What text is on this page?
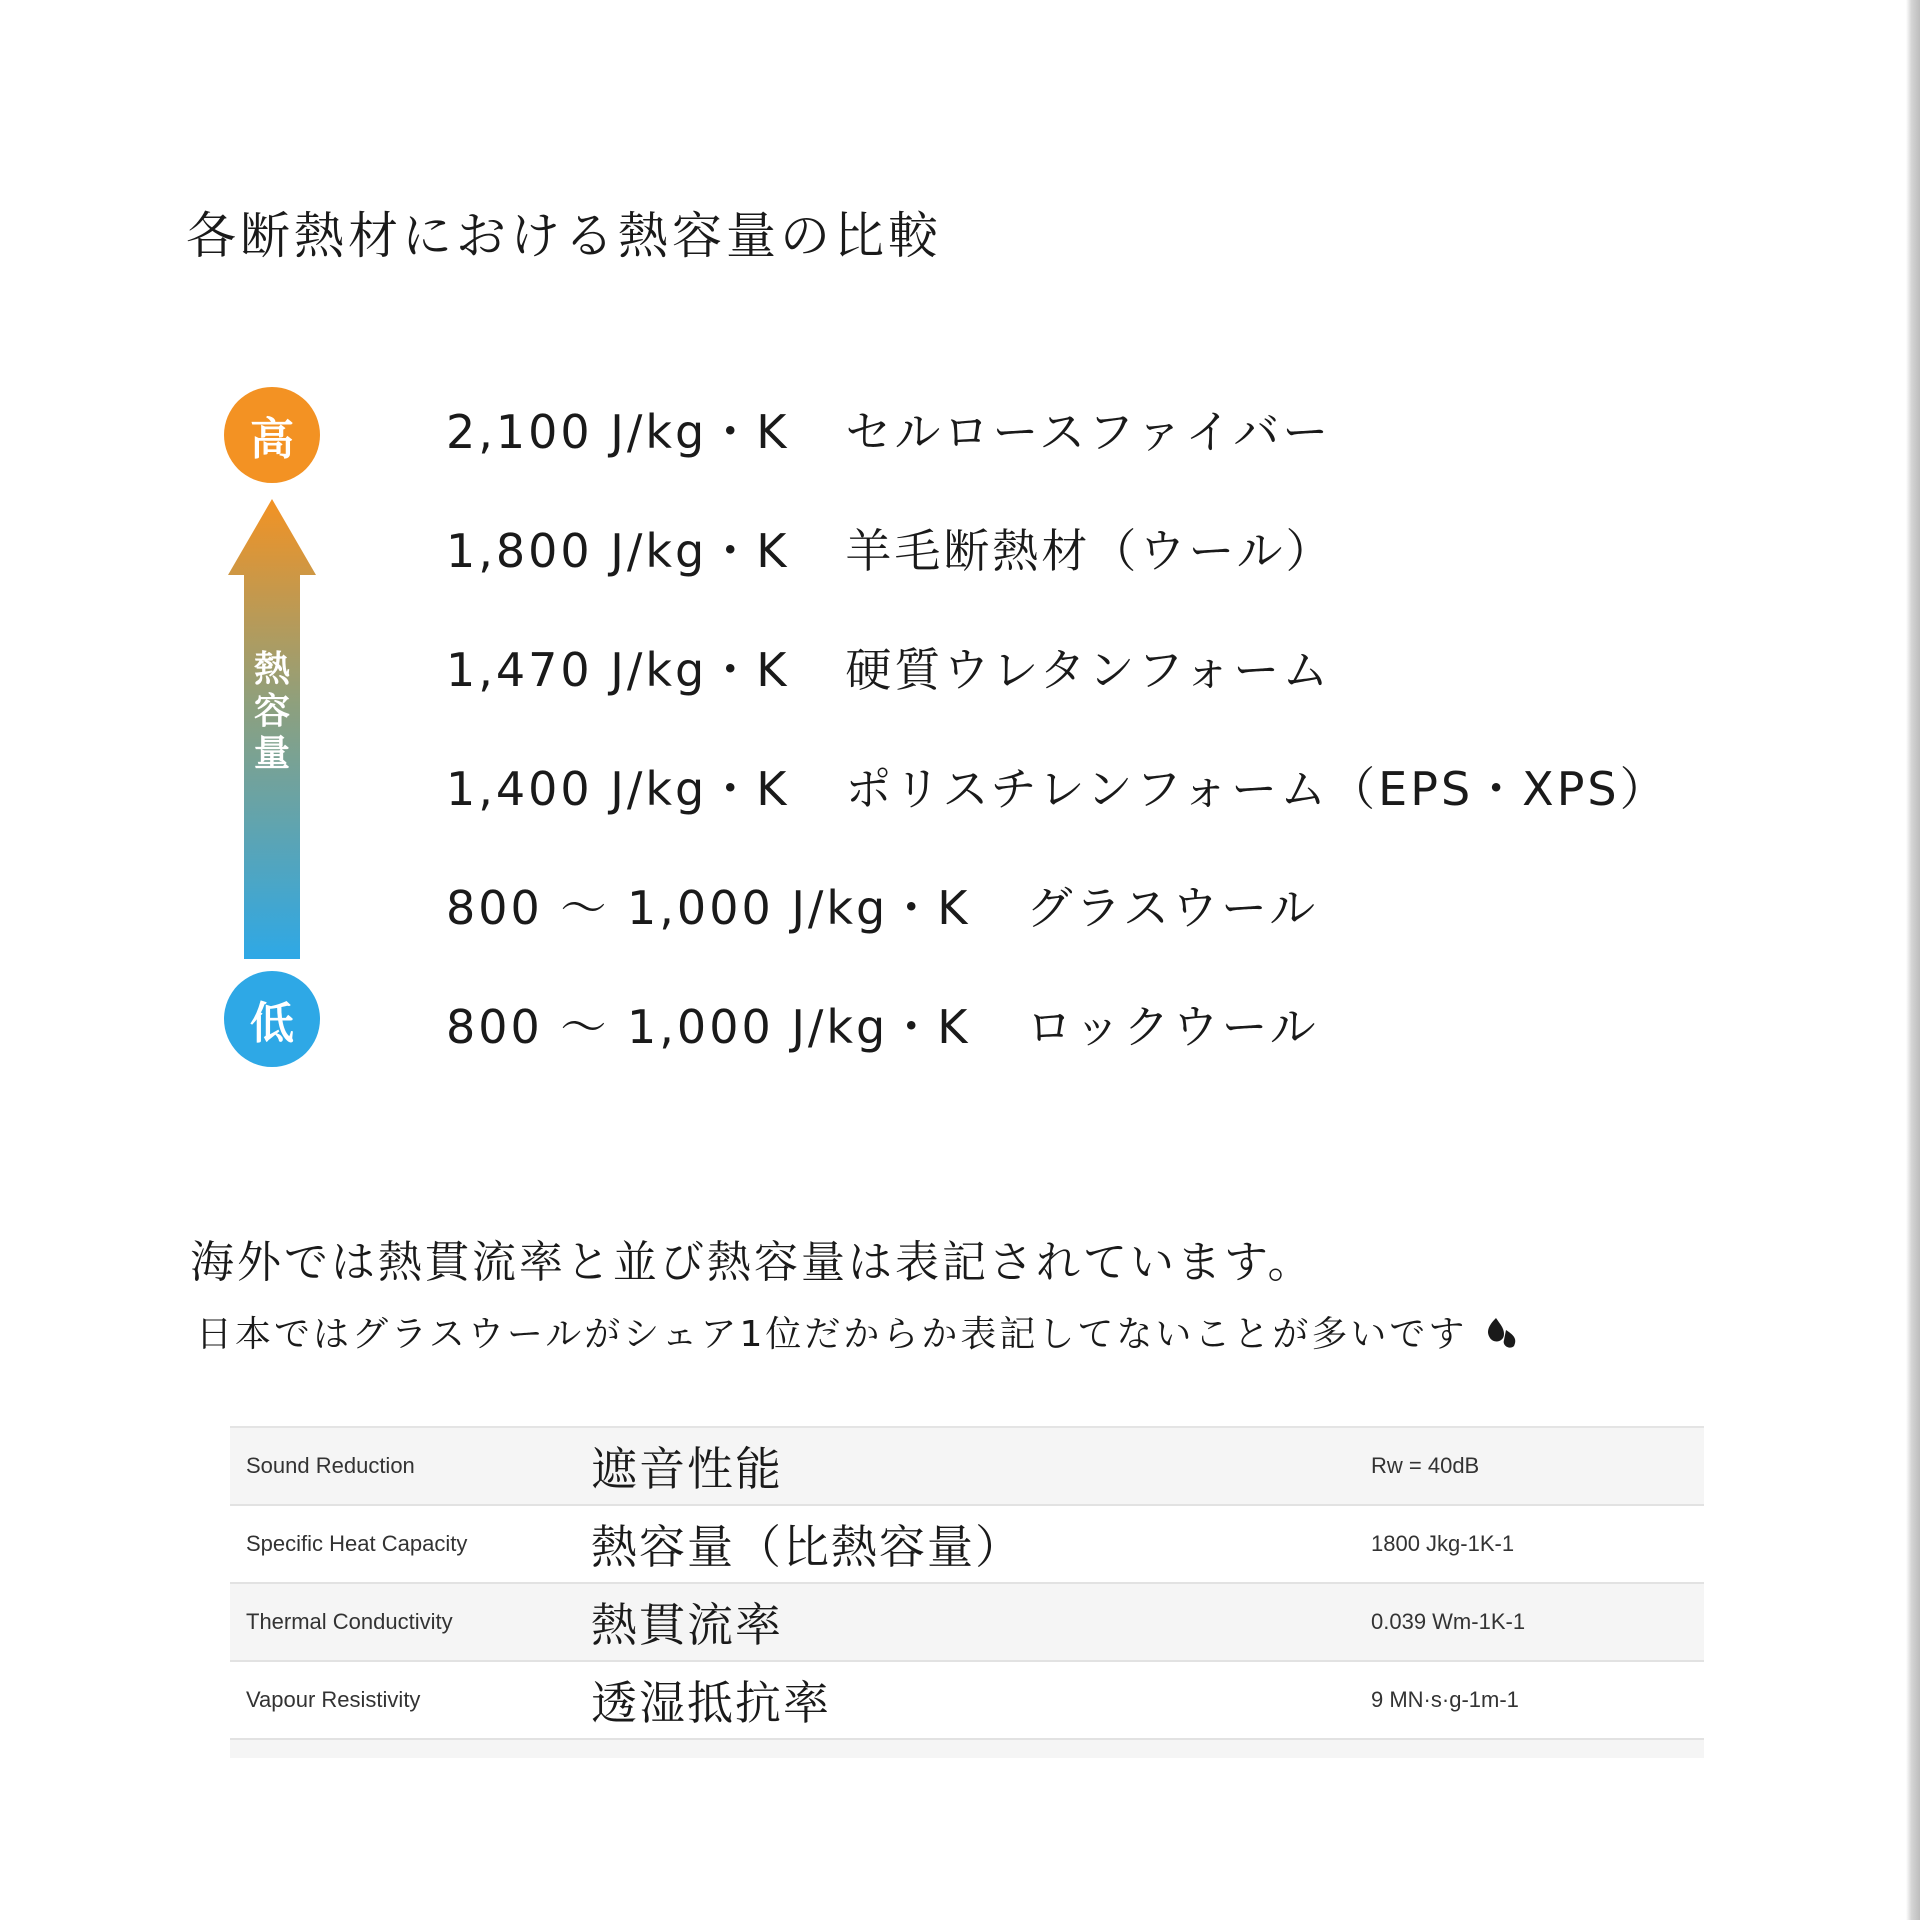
各断熱材における熱容量の比較
高
熱容量
低
2,100 J/kg・K セルロースファイバー
1,800 J/kg・K 羊毛断熱材（ウール）
1,470 J/kg・K 硬質ウレタンフォーム
1,400 J/kg・K ポリスチレンフォーム（EPS・XPS）
800 〜 1,000 J/kg・K グラスウール
800 〜 1,000 J/kg・K ロックウール
海外では熱貫流率と並び熱容量は表記されています。
日本ではグラスウールがシェア1位だからか表記してないことが多いです
Sound Reduction	遮音性能	Rw = 40dB
Specific Heat Capacity	熱容量（比熱容量）	1800 Jkg-1K-1
Thermal Conductivity	熱貫流率	0.039 Wm-1K-1
Vapour Resistivity	透湿抵抗率	9 MN·s·g-1m-1
